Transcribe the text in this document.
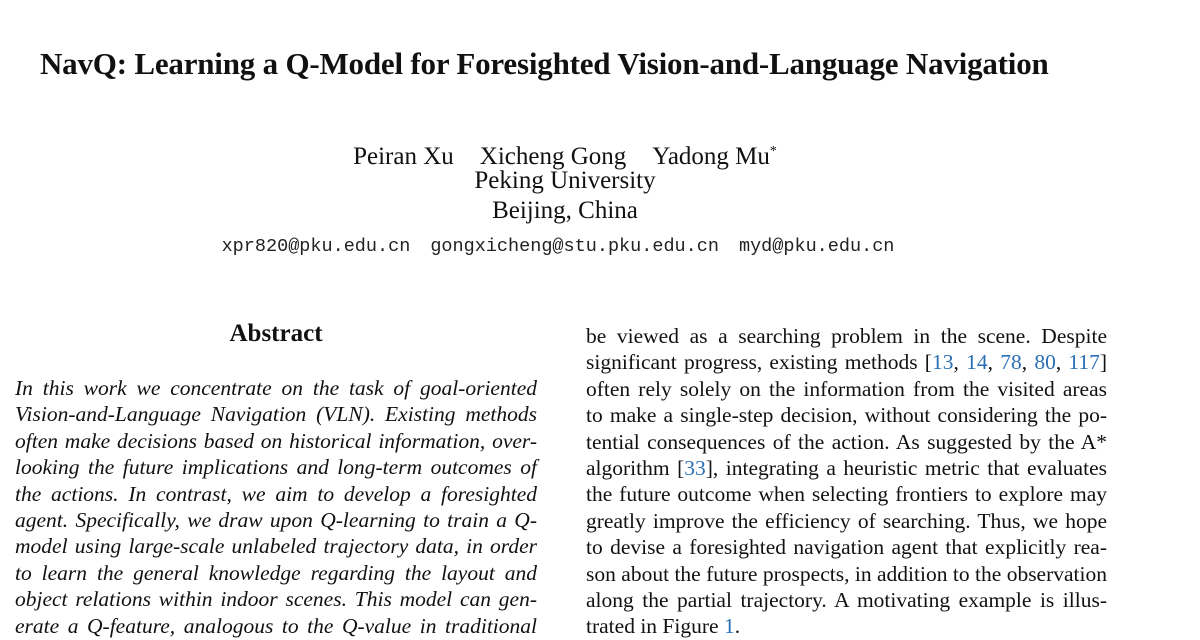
NavQ: Learning a Q-Model for Foresighted Vision-and-Language Navigation
Peiran Xu Xicheng Gong Yadong Mu*
Peking University
Beijing, China
xpr820@pku.edu.cn gongxicheng@stu.pku.edu.cn myd@pku.edu.cn
Abstract
In this work we concentrate on the task of goal-oriented
Vision-and-Language Navigation (VLN). Existing methods
often make decisions based on historical information, over-
looking the future implications and long-term outcomes of
the actions. In contrast, we aim to develop a foresighted
agent. Specifically, we draw upon Q-learning to train a Q-
model using large-scale unlabeled trajectory data, in order
to learn the general knowledge regarding the layout and
object relations within indoor scenes. This model can gen-
erate a Q-feature, analogous to the Q-value in traditional
be viewed as a searching problem in the scene. Despite
significant progress, existing methods [13, 14, 78, 80, 117]
often rely solely on the information from the visited areas
to make a single-step decision, without considering the po-
tential consequences of the action. As suggested by the A*
algorithm [33], integrating a heuristic metric that evaluates
the future outcome when selecting frontiers to explore may
greatly improve the efficiency of searching. Thus, we hope
to devise a foresighted navigation agent that explicitly rea-
son about the future prospects, in addition to the observation
along the partial trajectory. A motivating example is illus-
trated in Figure 1.
